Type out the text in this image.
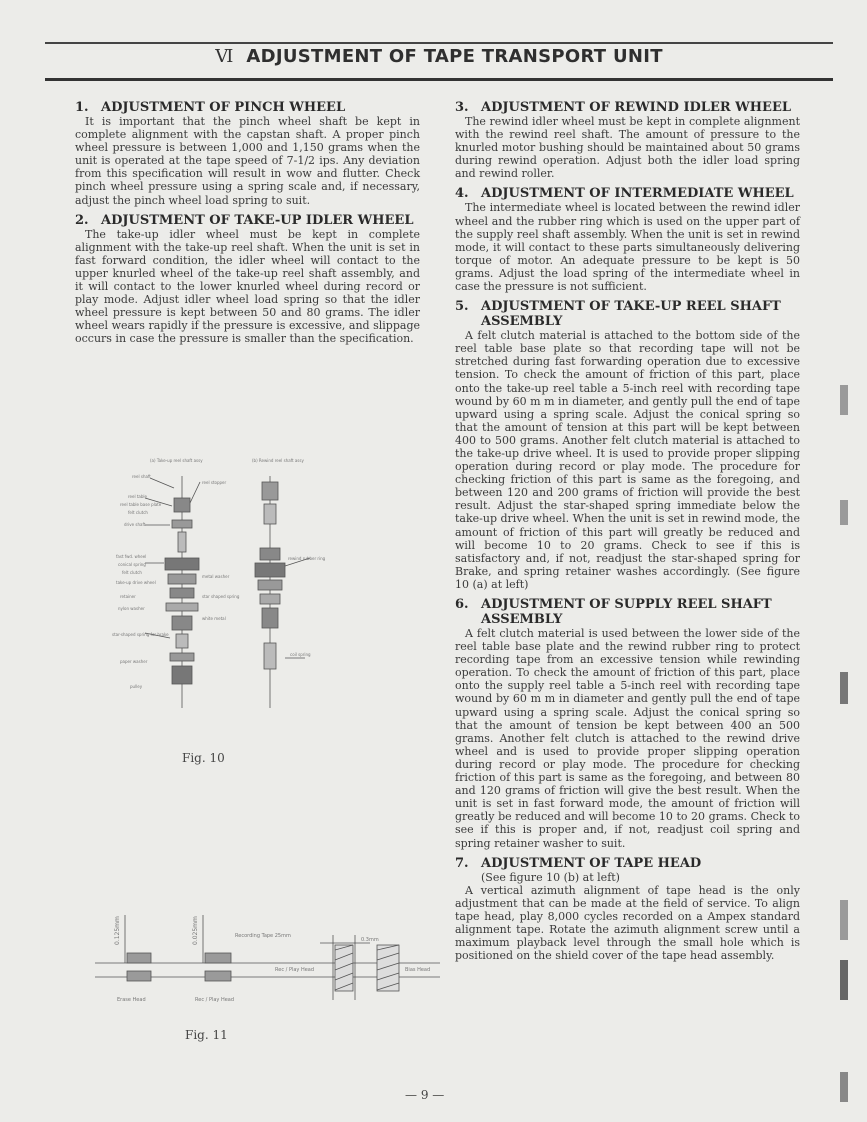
Ⅵ ADJUSTMENT OF TAPE TRANSPORT UNIT
1. ADJUSTMENT OF PINCH WHEEL

It is important that the pinch wheel shaft be kept in complete alignment with the capstan shaft. A proper pinch wheel pressure is between 1,000 and 1,150 grams when the unit is operated at the tape speed of 7-1/2 ips. Any deviation from this specification will result in wow and flutter. Check pinch wheel pressure using a spring scale and, if necessary, adjust the pinch wheel load spring to suit.

2. ADJUSTMENT OF TAKE-UP IDLER WHEEL

The take-up idler wheel must be kept in complete alignment with the take-up reel shaft. When the unit is set in fast forward condition, the idler wheel will contact to the upper knurled wheel of the take-up reel shaft assembly, and it will contact to the lower knurled wheel during record or play mode. Adjust idler wheel load spring so that the idler wheel pressure is kept between 50 and 80 grams. The idler wheel wears rapidly if the pressure is excessive, and slippage occurs in case the pressure is smaller than the specification.

(a) Take-up reel shaft assy	(b) Rewind reel shaft assy
reel shaft
reel stopper
reel table
reel table base plate
felt clutch
drive shaft
fast fwd. wheel
conical spring
felt clutch
take-up drive wheel
rewind rubber ring
metal washer
retainer	star shaped spring
nylon washer
white metal
coil spring
star-shaped spring for brake
paper washer
pulley
Fig. 10
0.125mm	0.025mm	Recording Tape 25mm
0.3mm
Rec / Play Head	Bias Head
Erase Head	Rec / Play Head
Fig. 11
3. ADJUSTMENT OF REWIND IDLER WHEEL

The rewind idler wheel must be kept in complete alignment with the rewind reel shaft. The amount of pressure to the knurled motor bushing should be maintained about 50 grams during rewind operation. Adjust both the idler load spring and rewind roller.

4. ADJUSTMENT OF INTERMEDIATE WHEEL

The intermediate wheel is located between the rewind idler wheel and the rubber ring which is used on the upper part of the supply reel shaft assembly. When the unit is set in rewind mode, it will contact to these parts simultaneously delivering torque of motor. An adequate pressure to be kept is 50 grams. Adjust the load spring of the intermediate wheel in case the pressure is not sufficient.

5. ADJUSTMENT OF TAKE-UP REEL SHAFT
ASSEMBLY

A felt clutch material is attached to the bottom side of the reel table base plate so that recording tape will not be stretched during fast forwarding operation due to excessive tension. To check the amount of friction of this part, place onto the take-up reel table a 5-inch reel with recording tape wound by 60 m m in diameter, and gently pull the end of tape upward using a spring scale. Adjust the conical spring so that the amount of tension at this part will be kept between 400 to 500 grams. Another felt clutch material is attached to the take-up drive wheel. It is used to provide proper slipping operation during record or play mode. The procedure for checking friction of this part is same as the foregoing, and between 120 and 200 grams of friction will provide the best result. Adjust the star-shaped spring immediate below the take-up drive wheel. When the unit is set in rewind mode, the amount of friction of this part will greatly be reduced and will become 10 to 20 grams. Check to see if this is satisfactory and, if not, readjust the star-shaped spring for Brake, and spring retainer washes accordingly. (See figure 10 (a) at left)

6. ADJUSTMENT OF SUPPLY REEL SHAFT
ASSEMBLY

A felt clutch material is used between the lower side of the reel table base plate and the rewind rubber ring to protect recording tape from an excessive tension while rewinding operation. To check the amount of friction of this part, place onto the supply reel table a 5-inch reel with recording tape wound by 60 m m in diameter and gently pull the end of tape upward using a spring scale. Adjust the conical spring so that the amount of tension be kept between 400 an 500 grams. Another felt clutch is attached to the rewind drive wheel and is used to provide proper slipping operation during record or play mode. The procedure for checking friction of this part is same as the foregoing, and between 80 and 120 grams of friction will give the best result. When the unit is set in fast forward mode, the amount of friction will greatly be reduced and will become 10 to 20 grams. Check to see if this is proper and, if not, readjust coil spring and spring retainer washer to suit.

7. ADJUSTMENT OF TAPE HEAD

(See figure 10 (b) at left)

A vertical azimuth alignment of tape head is the only adjustment that can be made at the field of service. To align tape head, play 8,000 cycles recorded on a Ampex standard alignment tape. Rotate the azimuth alignment screw until a maximum playback level through the small hole which is positioned on the shield cover of the tape head assembly.

— 9 —
